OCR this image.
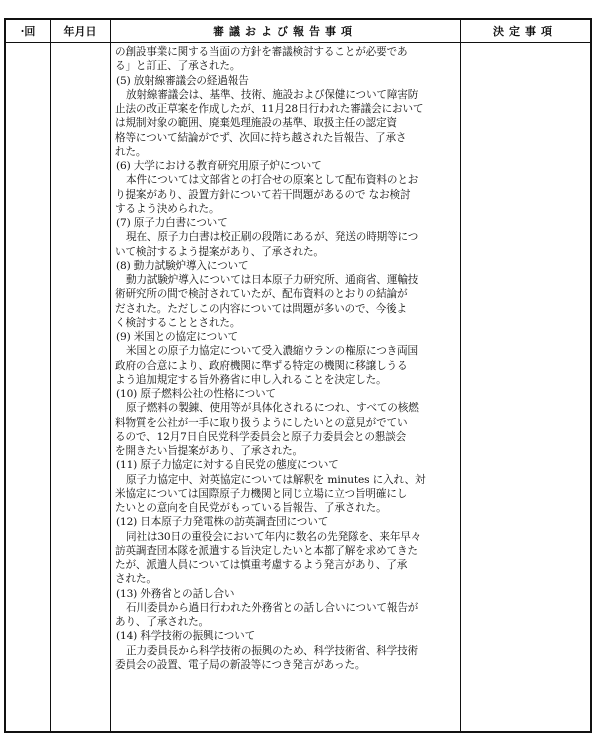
·回	年月日	審議および報告事項	決定事項
の創設事業に関する当面の方針を審議検討することが必要であ
る」と訂正、了承された。
(5) 放射線審議会の経過報告
放射線審議会は、基準、技術、施設および保健について障害防
止法の改正草案を作成したが、11月28日行われた審議会において
は規制対象の範囲、廃棄処理施設の基準、取扱主任の認定資
格等について結論がでず、次回に持ち越された旨報告、了承さ
れた。
(6) 大学における教育研究用原子炉について
本件については文部省との打合せの原案として配布資料のとお
り提案があり、設置方針について若干問題があるので なお検討
するよう決められた。
(7) 原子力白書について
現在、原子力白書は校正刷の段階にあるが、発送の時期等につ
いて検討するよう提案があり、了承された。
(8) 動力試験炉導入について
動力試験炉導入については日本原子力研究所、通商省、運輸技
術研究所の間で検討されていたが、配布資料のとおりの結論が
だされた。ただしこの内容については問題が多いので、今後よ
く検討することとされた。
(9) 米国との協定について
米国との原子力協定について受入濃縮ウランの権原につき両国
政府の合意により、政府機関に準ずる特定の機関に移譲しうる
よう追加規定する旨外務省に申し入れることを決定した。
(10) 原子燃料公社の性格について
原子燃料の製錬、使用等が具体化されるにつれ、すべての核燃
料物質を公社が一手に取り扱うようにしたいとの意見がでてい
るので、12月7日自民党科学委員会と原子力委員会との懇談会
を開きたい旨提案があり、了承された。
(11) 原子力協定に対する自民党の態度について
原子力協定中、対英協定については解釈を minutes に入れ、対
米協定については国際原子力機関と同じ立場に立つ旨明確にし
たいとの意向を自民党がもっている旨報告、了承された。
(12) 日本原子力発電株の訪英調査団について
同社は30日の重役会において年内に数名の先発隊を、来年早々
訪英調査団本隊を派遣する旨決定したいと本都了解を求めてきた
たが、派遣人員については慎重考慮するよう発言があり、了承
された。
(13) 外務省との話し合い
石川委員から過日行われた外務省との話し合いについて報告が
あり、了承された。
(14) 科学技術の振興について
正力委員長から科学技術の振興のため、科学技術省、科学技術
委員会の設置、電子局の新設等につき発言があった。
